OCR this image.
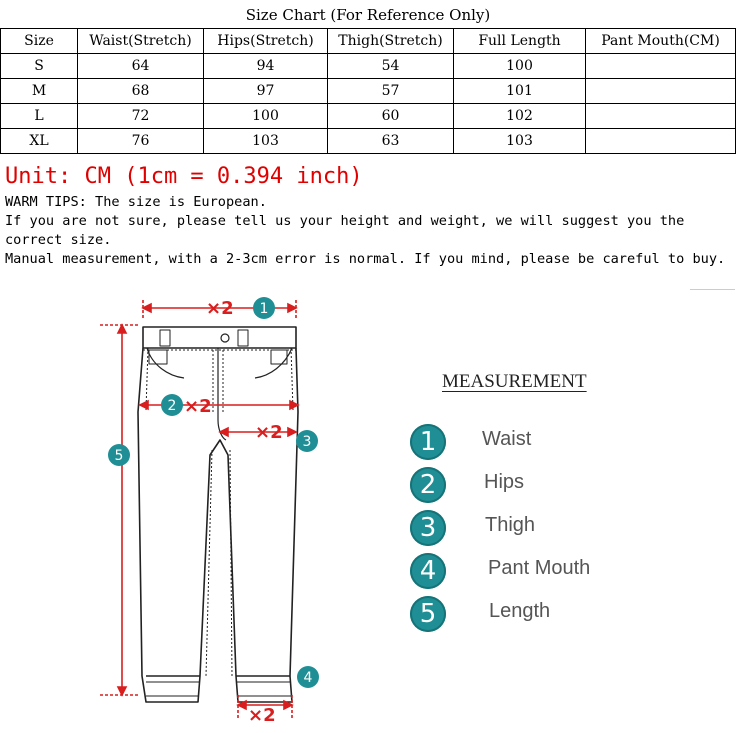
Size Chart (For Reference Only)
Size	Waist(Stretch)	Hips(Stretch)	Thigh(Stretch)	Full Length	Pant Mouth(CM)
S	64	94	54	100	
M	68	97	57	101	
L	72	100	60	102	
XL	76	103	63	103	
Unit: CM (1cm = 0.394 inch)

WARM TIPS: The size is European.

If you are not sure, please tell us your height and weight, we will suggest you the correct size.

Manual measurement, with a 2-3cm error is normal. If you mind, please be careful to buy.

×2
×2
×2
×2
1
2
3
4
5
MEASUREMENT
1	Waist
2	Hips
3	Thigh
4	Pant Mouth
5	Length
